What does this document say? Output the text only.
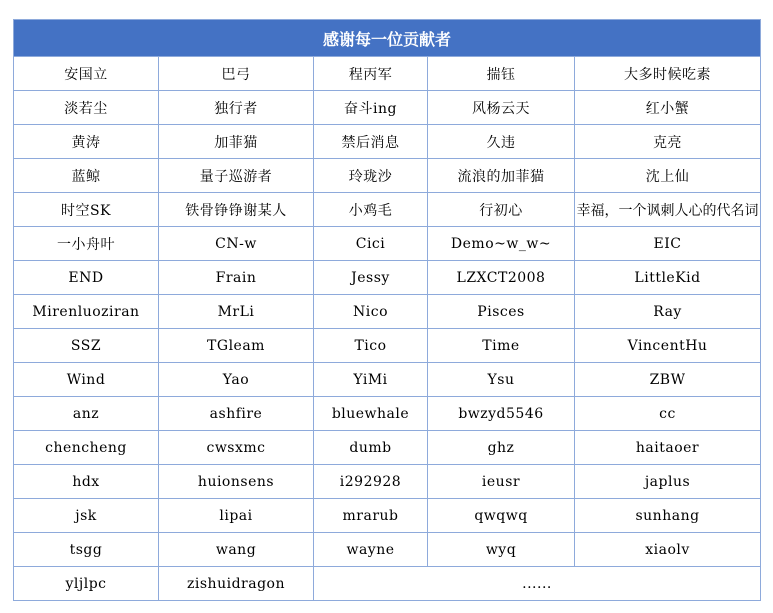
感谢每一位贡献者				
安国立	巴弓	程丙军	揣钰	大多时候吃素
淡若尘	独行者	奋斗ing	风杨云天	红小蟹
黄涛	加菲猫	禁后消息	久违	克亮
蓝鲸	量子巡游者	玲珑沙	流浪的加菲猫	沈上仙
时空SK	铁骨铮铮谢某人	小鸡毛	行初心	幸福，一个讽刺人心的代名词
一小舟叶	CN-w	Cici	Demo~w_w~	EIC
END	Frain	Jessy	LZXCT2008	LittleKid
Mirenluoziran	MrLi	Nico	Pisces	Ray
SSZ	TGleam	Tico	Time	VincentHu
Wind	Yao	YiMi	Ysu	ZBW
anz	ashfire	bluewhale	bwzyd5546	cc
chencheng	cwsxmc	dumb	ghz	haitaoer
hdx	huionsens	i292928	ieusr	japlus
jsk	lipai	mrarub	qwqwq	sunhang
tsgg	wang	wayne	wyq	xiaolv
yljlpc	zishuidragon	......		
